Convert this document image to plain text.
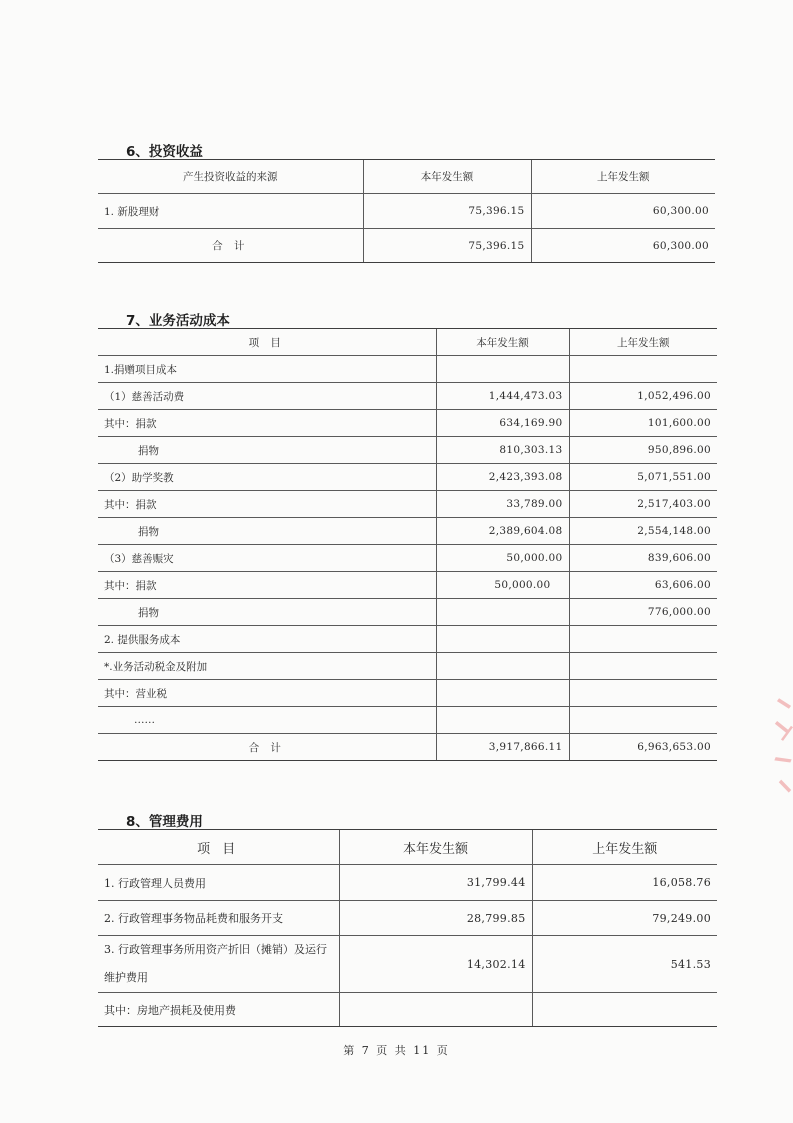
6、投资收益
产生投资收益的来源	本年发生额	上年发生额
1. 新股理财	75,396.15	60,300.00
合 计	75,396.15	60,300.00
7、业务活动成本
项 目	本年发生额	上年发生额
1.捐赠项目成本		
（1）慈善活动费	1,444,473.03	1,052,496.00
其中：捐款	634,169.90	101,600.00
捐物	810,303.13	950,896.00
（2）助学奖教	2,423,393.08	5,071,551.00
其中：捐款	33,789.00	2,517,403.00
捐物	2,389,604.08	2,554,148.00
（3）慈善赈灾	50,000.00	839,606.00
其中：捐款	50,000.00	63,606.00
捐物		776,000.00
2. 提供服务成本		
*.业务活动税金及附加		
其中：营业税		
……		
合 计	3,917,866.11	6,963,653.00
8、管理费用
项 目	本年发生额	上年发生额
1. 行政管理人员费用	31,799.44	16,058.76
2. 行政管理事务物品耗费和服务开支	28,799.85	79,249.00
3. 行政管理事务所用资产折旧（摊销）及运行维护费用	14,302.14	541.53
其中：房地产损耗及使用费		
第 7 页 共 11 页
